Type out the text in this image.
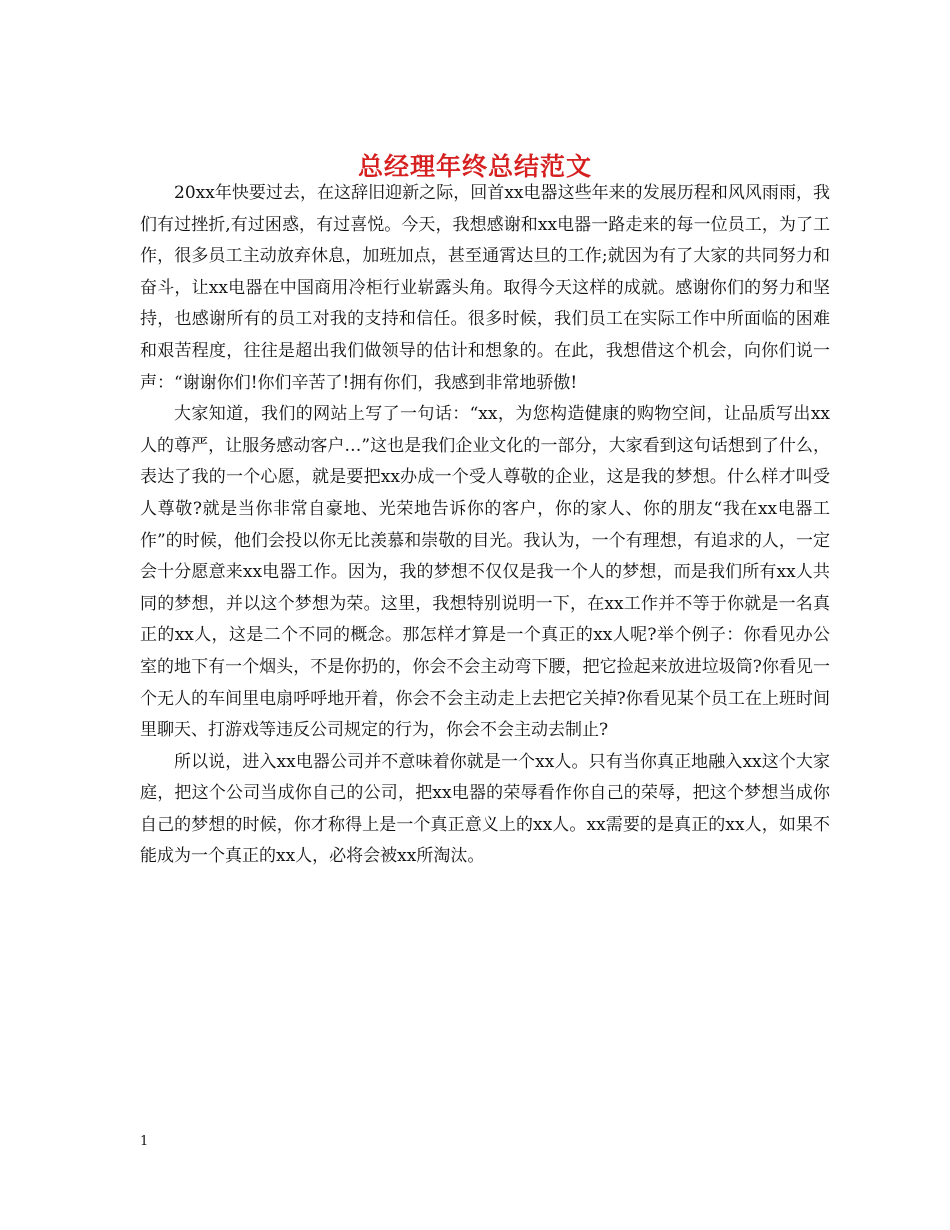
总经理年终总结范文

20xx年快要过去，在这辞旧迎新之际，回首xx电器这些年来的发展历程和风风雨雨，我们有过挫折,有过困惑，有过喜悦。今天，我想感谢和xx电器一路走来的每一位员工，为了工作，很多员工主动放弃休息，加班加点，甚至通霄达旦的工作;就因为有了大家的共同努力和奋斗，让xx电器在中国商用冷柜行业崭露头角。取得今天这样的成就。感谢你们的努力和坚持，也感谢所有的员工对我的支持和信任。很多时候，我们员工在实际工作中所面临的困难和艰苦程度，往往是超出我们做领导的估计和想象的。在此，我想借这个机会，向你们说一声：“谢谢你们!你们辛苦了!拥有你们，我感到非常地骄傲!

大家知道，我们的网站上写了一句话：“xx，为您构造健康的购物空间，让品质写出xx人的尊严，让服务感动客户…”这也是我们企业文化的一部分，大家看到这句话想到了什么，表达了我的一个心愿，就是要把xx办成一个受人尊敬的企业，这是我的梦想。什么样才叫受人尊敬?就是当你非常自豪地、光荣地告诉你的客户，你的家人、你的朋友“我在xx电器工作”的时候，他们会投以你无比羡慕和崇敬的目光。我认为，一个有理想，有追求的人，一定会十分愿意来xx电器工作。因为，我的梦想不仅仅是我一个人的梦想，而是我们所有xx人共同的梦想，并以这个梦想为荣。这里，我想特别说明一下，在xx工作并不等于你就是一名真正的xx人，这是二个不同的概念。那怎样才算是一个真正的xx人呢?举个例子：你看见办公室的地下有一个烟头，不是你扔的，你会不会主动弯下腰，把它捡起来放进垃圾筒?你看见一个无人的车间里电扇呼呼地开着，你会不会主动走上去把它关掉?你看见某个员工在上班时间里聊天、打游戏等违反公司规定的行为，你会不会主动去制止?

所以说，进入xx电器公司并不意味着你就是一个xx人。只有当你真正地融入xx这个大家庭，把这个公司当成你自己的公司，把xx电器的荣辱看作你自己的荣辱，把这个梦想当成你自己的梦想的时候，你才称得上是一个真正意义上的xx人。xx需要的是真正的xx人，如果不能成为一个真正的xx人，必将会被xx所淘汰。

1
